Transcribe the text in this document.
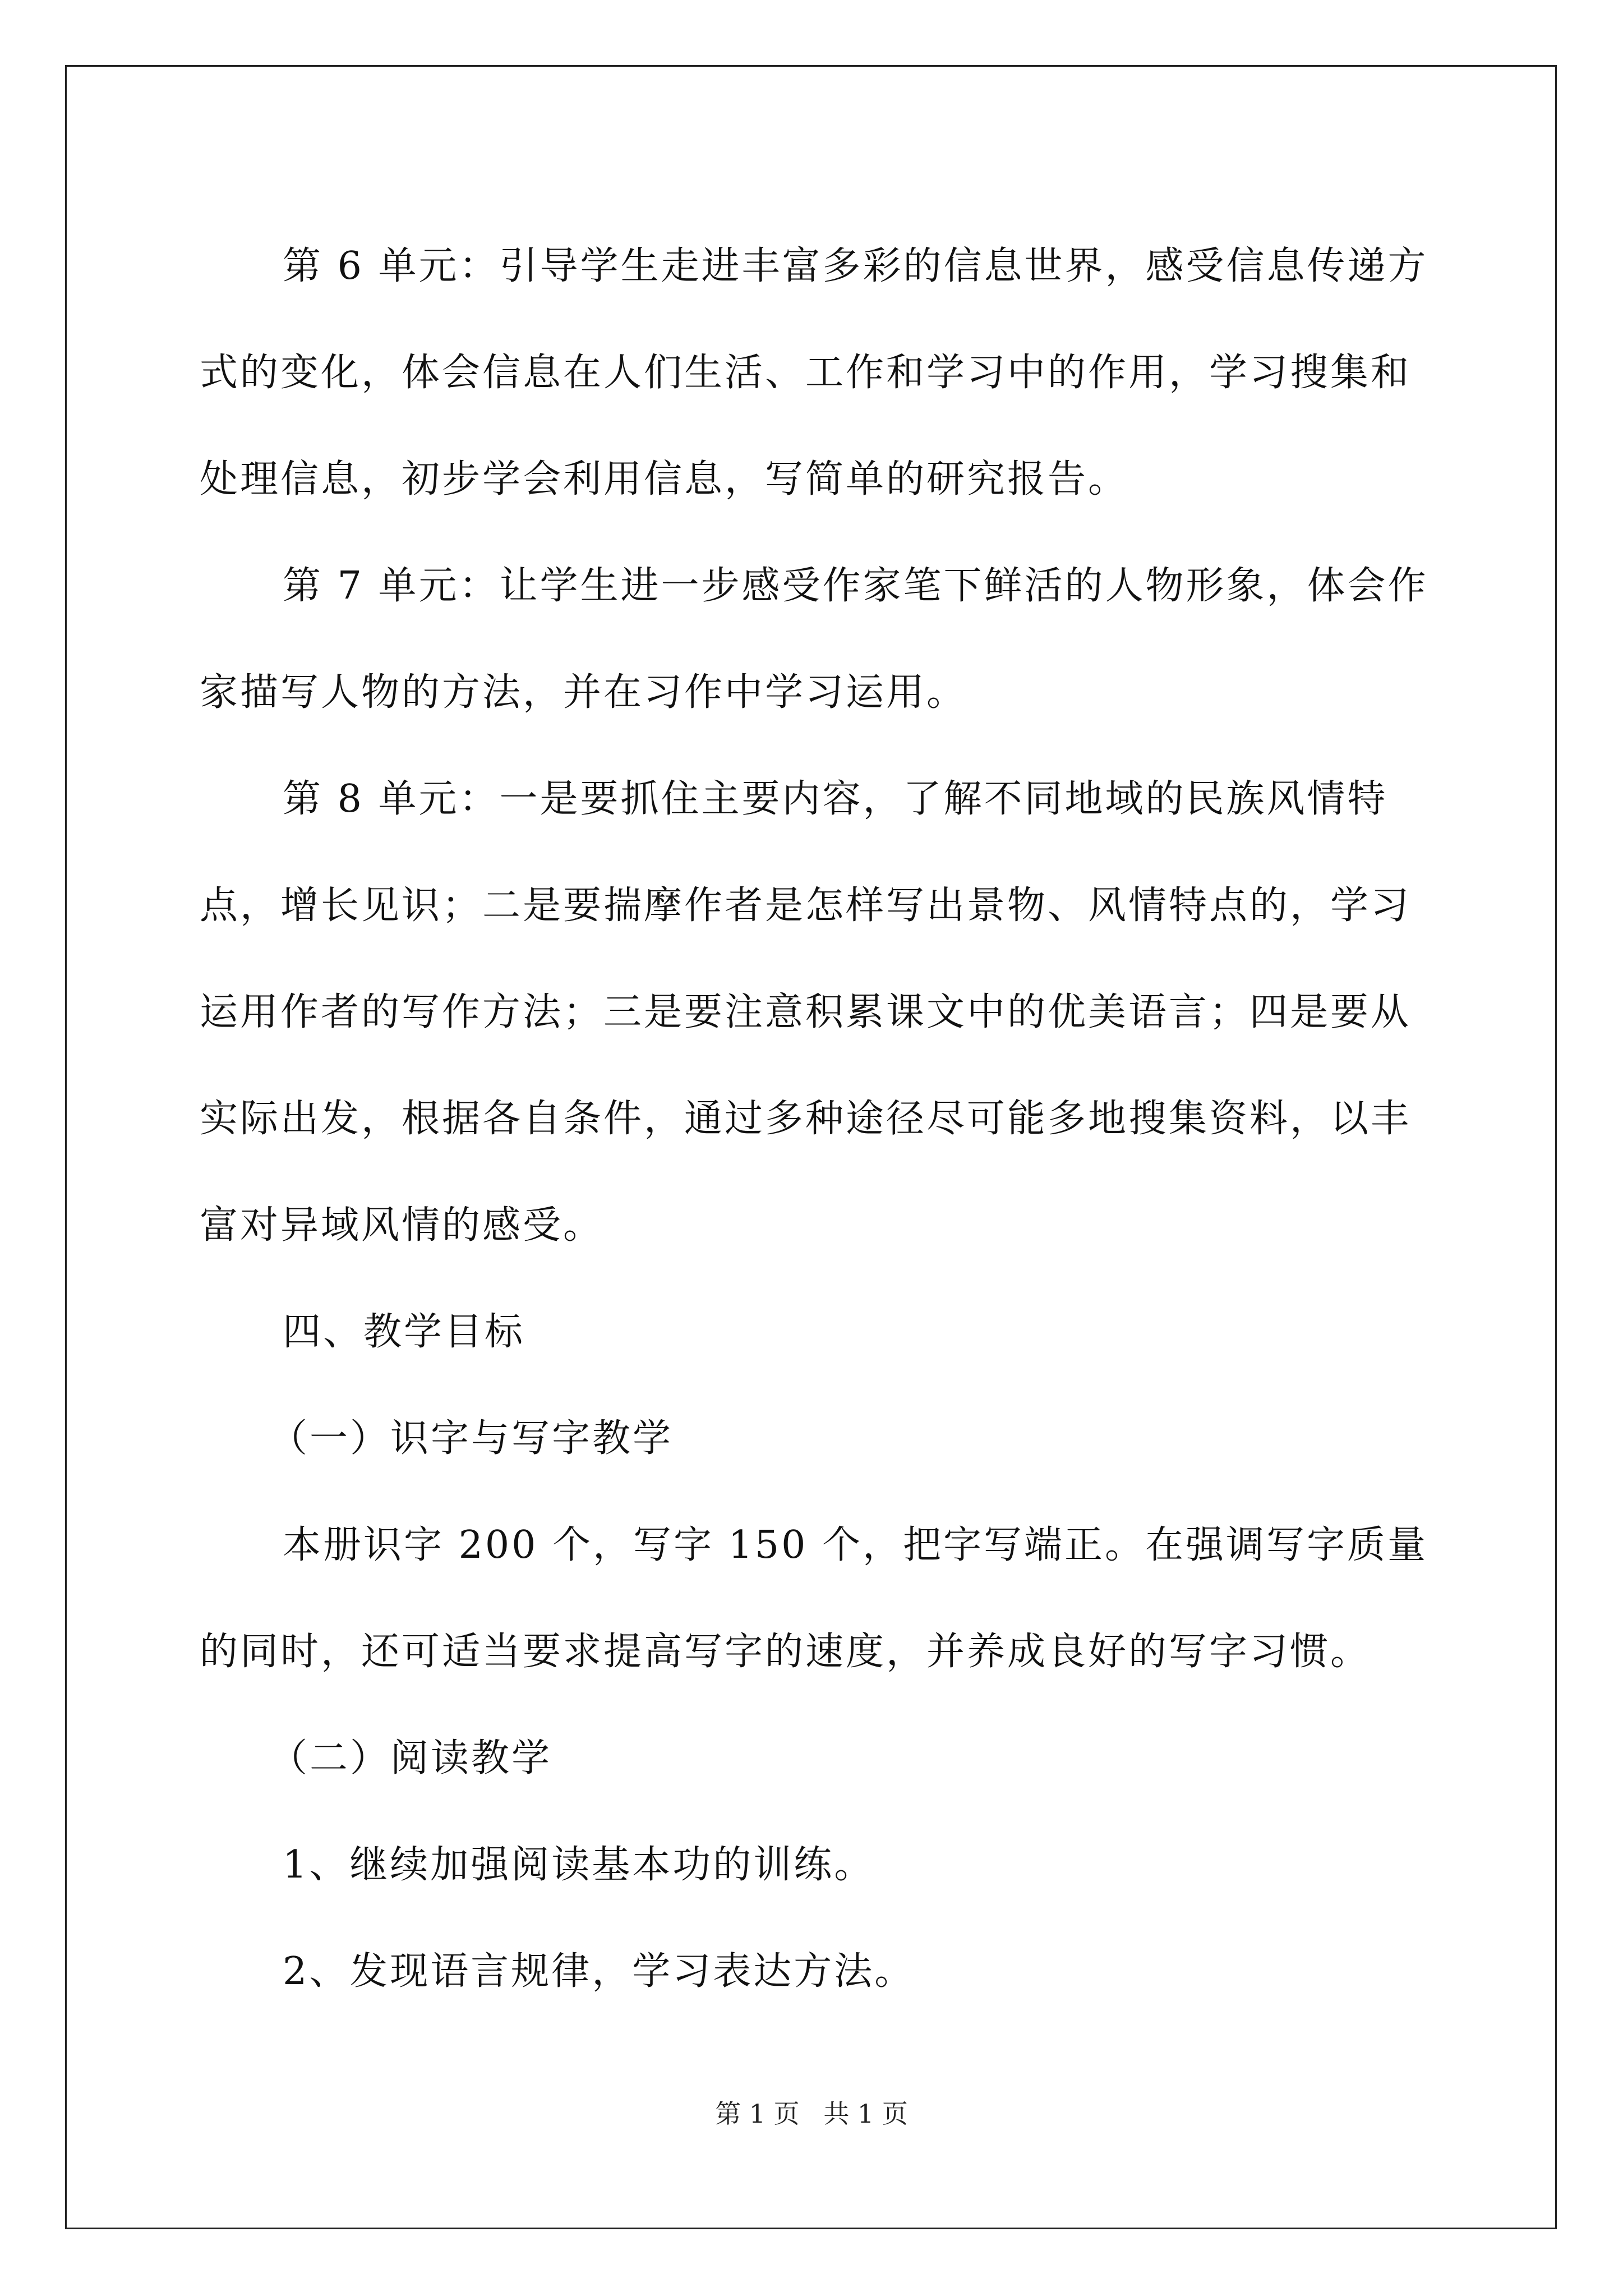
第 6 单元：引导学生走进丰富多彩的信息世界，感受信息传递方式的变化，体会信息在人们生活、工作和学习中的作用，学习搜集和处理信息，初步学会利用信息，写简单的研究报告。

第 7 单元：让学生进一步感受作家笔下鲜活的人物形象，体会作家描写人物的方法，并在习作中学习运用。

第 8 单元：一是要抓住主要内容，了解不同地域的民族风情特点，增长见识；二是要揣摩作者是怎样写出景物、风情特点的，学习运用作者的写作方法；三是要注意积累课文中的优美语言；四是要从实际出发，根据各自条件，通过多种途径尽可能多地搜集资料，以丰富对异域风情的感受。

四、教学目标

（一）识字与写字教学

本册识字 200 个，写字 150 个，把字写端正。在强调写字质量的同时，还可适当要求提高写字的速度，并养成良好的写字习惯。

（二）阅读教学

1、继续加强阅读基本功的训练。

2、发现语言规律，学习表达方法。

第 1 页 共 1 页
